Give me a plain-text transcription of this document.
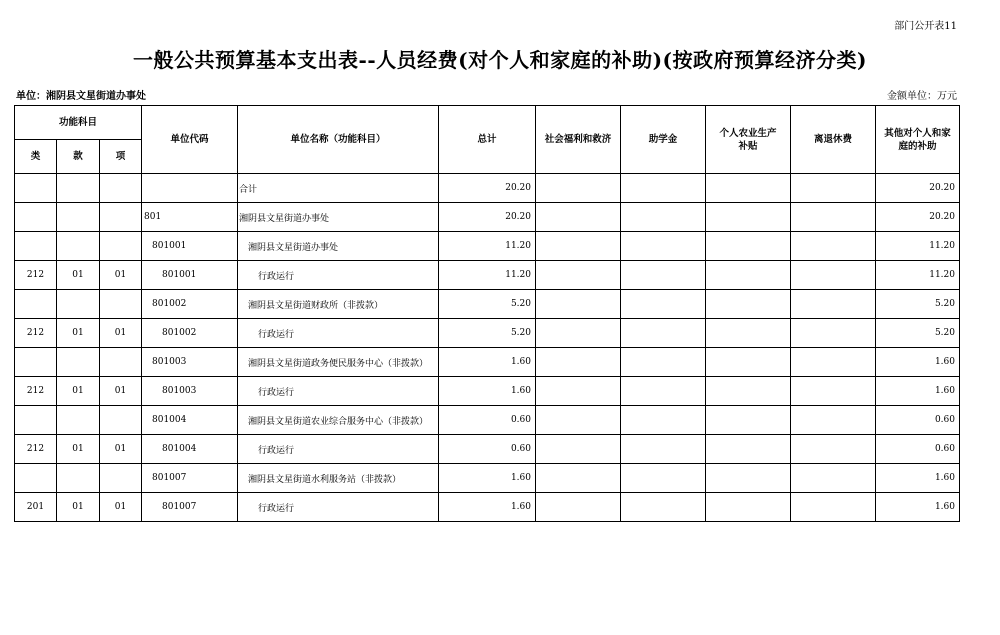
部门公开表11
一般公共预算基本支出表--人员经费(对个人和家庭的补助)(按政府预算经济分类)
单位：湘阴县文星街道办事处	金额单位：万元
功能科目			单位代码	单位名称（功能科目）	总计	社会福利和救济	助学金	个人农业生产补贴	离退休费	其他对个人和家庭的补助
类	款	项								
				合计	20.20					20.20
			801	湘阴县文星街道办事处	20.20					20.20
			801001	湘阴县文星街道办事处	11.20					11.20
212	01	01	801001	行政运行	11.20					11.20
			801002	湘阴县文星街道财政所（非拨款）	5.20					5.20
212	01	01	801002	行政运行	5.20					5.20
			801003	湘阴县文星街道政务便民服务中心（非拨款）	1.60					1.60
212	01	01	801003	行政运行	1.60					1.60
			801004	湘阴县文星街道农业综合服务中心（非拨款）	0.60					0.60
212	01	01	801004	行政运行	0.60					0.60
			801007	湘阴县文星街道水利服务站（非拨款）	1.60					1.60
201	01	01	801007	行政运行	1.60					1.60
